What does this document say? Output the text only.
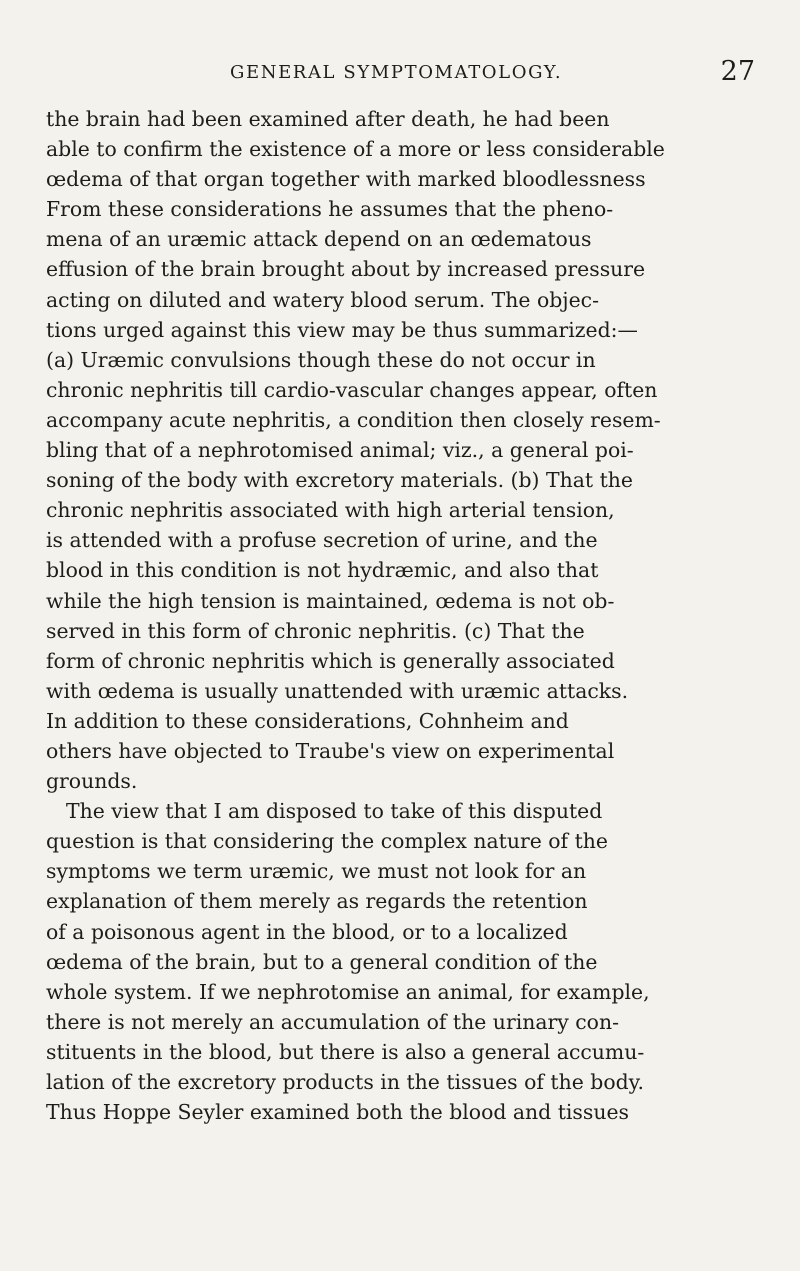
GENERAL SYMPTOMATOLOGY.	27
the brain had been examined after death, he had been
able to confirm the existence of a more or less considerable
œdema of that organ together with marked bloodlessness
From these considerations he assumes that the pheno-
mena of an uræmic attack depend on an œdematous
effusion of the brain brought about by increased pressure
acting on diluted and watery blood serum. The objec-
tions urged against this view may be thus summarized:—
(a) Uræmic convulsions though these do not occur in
chronic nephritis till cardio-vascular changes appear, often
accompany acute nephritis, a condition then closely resem-
bling that of a nephrotomised animal; viz., a general poi-
soning of the body with excretory materials. (b) That the
chronic nephritis associated with high arterial tension,
is attended with a profuse secretion of urine, and the
blood in this condition is not hydræmic, and also that
while the high tension is maintained, œdema is not ob-
served in this form of chronic nephritis. (c) That the
form of chronic nephritis which is generally associated
with œdema is usually unattended with uræmic attacks.
In addition to these considerations, Cohnheim and
others have objected to Traube's view on experimental
grounds.
The view that I am disposed to take of this disputed
question is that considering the complex nature of the
symptoms we term uræmic, we must not look for an
explanation of them merely as regards the retention
of a poisonous agent in the blood, or to a localized
œdema of the brain, but to a general condition of the
whole system. If we nephrotomise an animal, for example,
there is not merely an accumulation of the urinary con-
stituents in the blood, but there is also a general accumu-
lation of the excretory products in the tissues of the body.
Thus Hoppe Seyler examined both the blood and tissues
